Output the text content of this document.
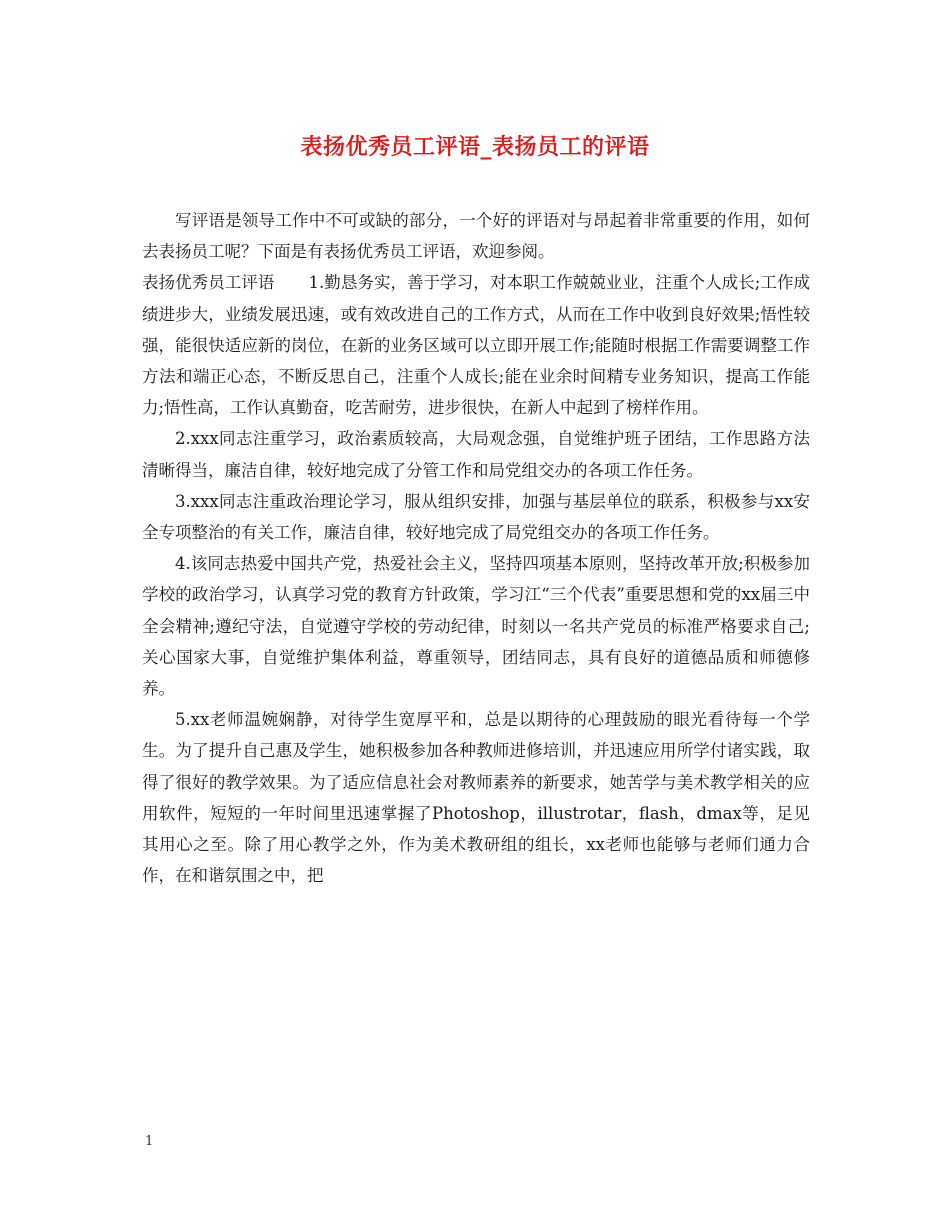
表扬优秀员工评语_表扬员工的评语

写评语是领导工作中不可或缺的部分，一个好的评语对与昂起着非常重要的作用，如何去表扬员工呢？下面是有表扬优秀员工评语，欢迎参阅。

表扬优秀员工评语 1.勤恳务实，善于学习，对本职工作兢兢业业，注重个人成长;工作成绩进步大，业绩发展迅速，或有效改进自己的工作方式，从而在工作中收到良好效果;悟性较强，能很快适应新的岗位，在新的业务区域可以立即开展工作;能随时根据工作需要调整工作方法和端正心态，不断反思自己，注重个人成长;能在业余时间精专业务知识，提高工作能力;悟性高，工作认真勤奋，吃苦耐劳，进步很快，在新人中起到了榜样作用。

2.xxx同志注重学习，政治素质较高，大局观念强，自觉维护班子团结，工作思路方法清晰得当，廉洁自律，较好地完成了分管工作和局党组交办的各项工作任务。

3.xxx同志注重政治理论学习，服从组织安排，加强与基层单位的联系，积极参与xx安全专项整治的有关工作，廉洁自律，较好地完成了局党组交办的各项工作任务。

4.该同志热爱中国共产党，热爱社会主义，坚持四项基本原则，坚持改革开放;积极参加学校的政治学习，认真学习党的教育方针政策，学习江“三个代表”重要思想和党的xx届三中全会精神;遵纪守法，自觉遵守学校的劳动纪律，时刻以一名共产党员的标准严格要求自己;关心国家大事，自觉维护集体利益，尊重领导，团结同志，具有良好的道德品质和师德修养。

5.xx老师温婉娴静，对待学生宽厚平和，总是以期待的心理鼓励的眼光看待每一个学生。为了提升自己惠及学生，她积极参加各种教师进修培训，并迅速应用所学付诸实践，取得了很好的教学效果。为了适应信息社会对教师素养的新要求，她苦学与美术教学相关的应用软件，短短的一年时间里迅速掌握了Photoshop，illustrotar，flash，dmax等，足见其用心之至。除了用心教学之外，作为美术教研组的组长，xx老师也能够与老师们通力合作，在和谐氛围之中，把

1
